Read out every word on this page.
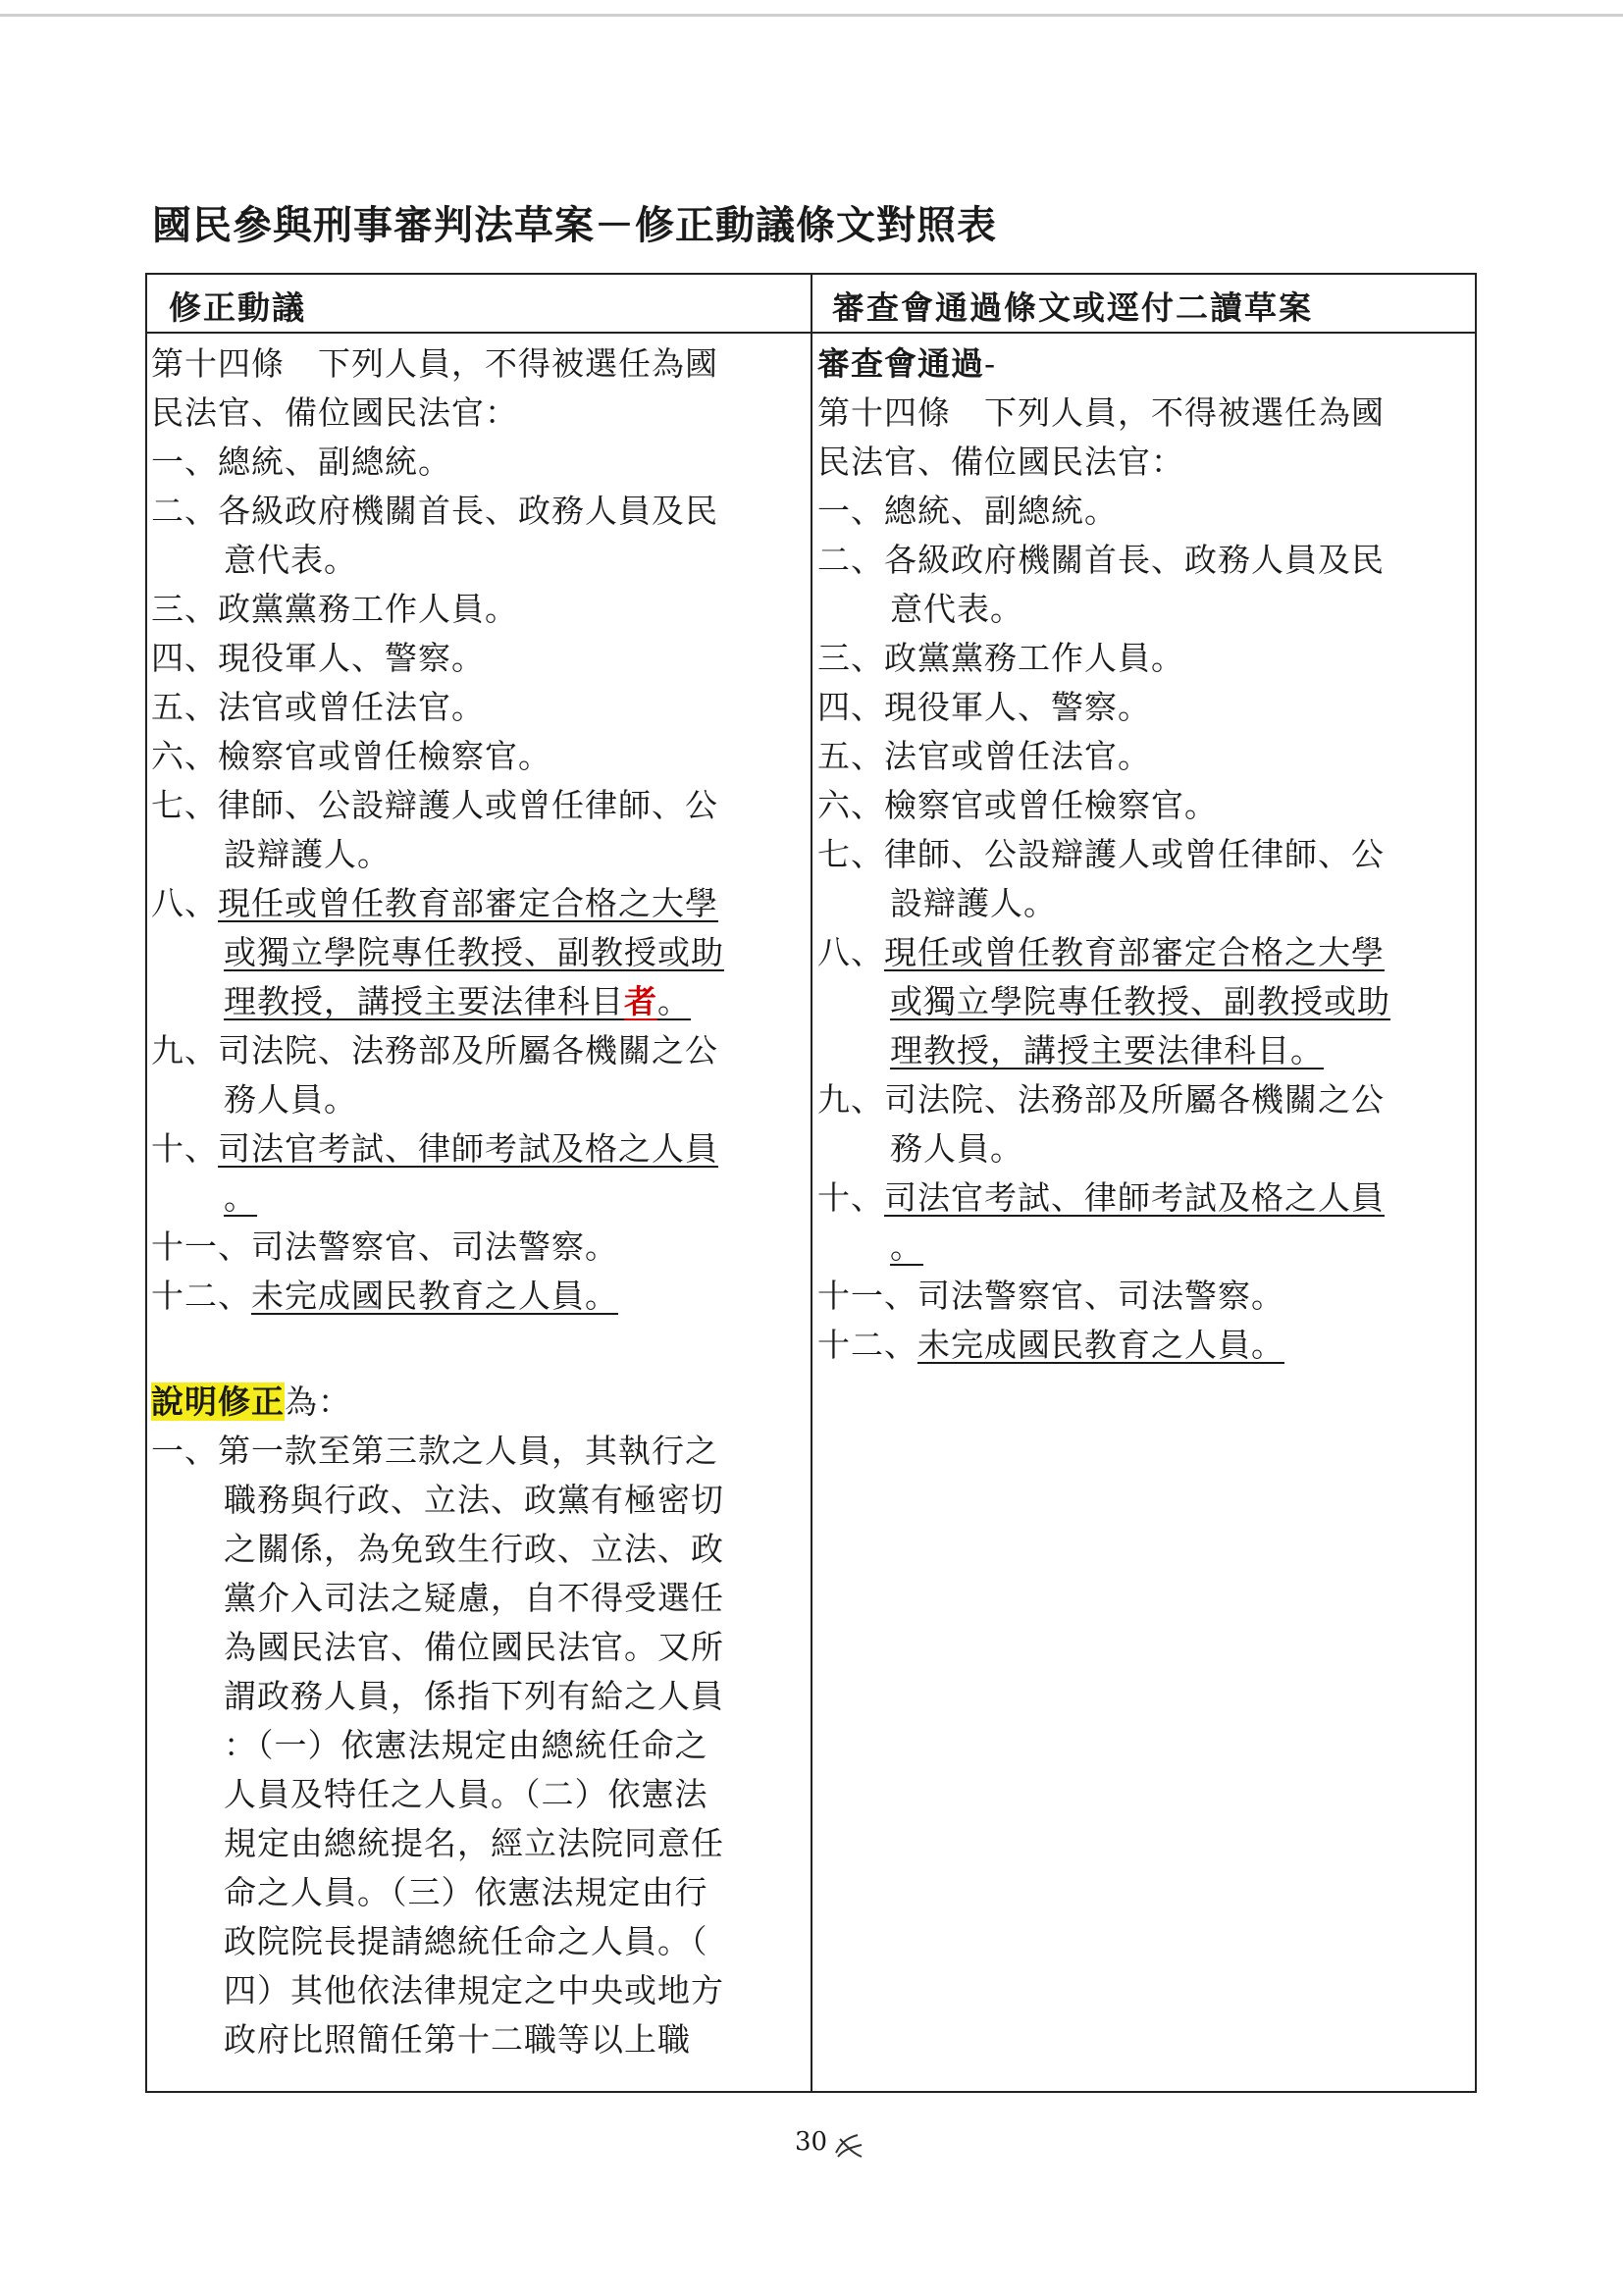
國民參與刑事審判法草案－修正動議條文對照表
修正動議	審查會通過條文或逕付二讀草案
第十四條　下列人員，不得被選任為國
民法官、備位國民法官：
一、總統、副總統。
二、各級政府機關首長、政務人員及民
意代表。
三、政黨黨務工作人員。
四、現役軍人、警察。
五、法官或曾任法官。
六、檢察官或曾任檢察官。
七、律師、公設辯護人或曾任律師、公
設辯護人。
八、現任或曾任教育部審定合格之大學
或獨立學院專任教授、副教授或助
理教授，講授主要法律科目者。
九、司法院、法務部及所屬各機關之公
務人員。
十、司法官考試、律師考試及格之人員
。
十一、司法警察官、司法警察。
十二、未完成國民教育之人員。
說明修正為：
一、第一款至第三款之人員，其執行之
職務與行政、立法、政黨有極密切
之關係，為免致生行政、立法、政
黨介入司法之疑慮，自不得受選任
為國民法官、備位國民法官。又所
謂政務人員，係指下列有給之人員
：（一）依憲法規定由總統任命之
人員及特任之人員。（二）依憲法
規定由總統提名，經立法院同意任
命之人員。（三）依憲法規定由行
政院院長提請總統任命之人員。（
四）其他依法律規定之中央或地方
政府比照簡任第十二職等以上職
審查會通過-
第十四條　下列人員，不得被選任為國
民法官、備位國民法官：
一、總統、副總統。
二、各級政府機關首長、政務人員及民
意代表。
三、政黨黨務工作人員。
四、現役軍人、警察。
五、法官或曾任法官。
六、檢察官或曾任檢察官。
七、律師、公設辯護人或曾任律師、公
設辯護人。
八、現任或曾任教育部審定合格之大學
或獨立學院專任教授、副教授或助
理教授，講授主要法律科目。
九、司法院、法務部及所屬各機關之公
務人員。
十、司法官考試、律師考試及格之人員
。
十一、司法警察官、司法警察。
十二、未完成國民教育之人員。
30
